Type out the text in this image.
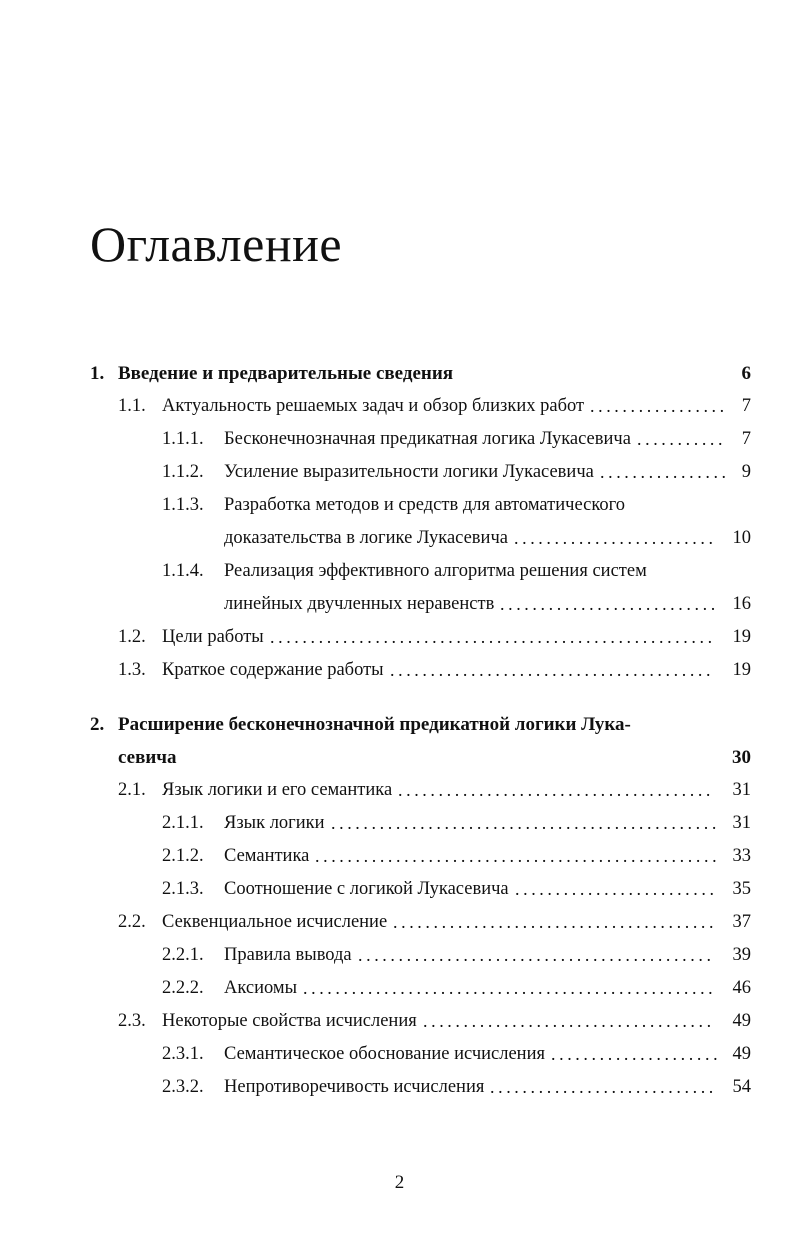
Оглавление
1. Введение и предварительные сведения	6
1.1. Актуальность решаемых задач и обзор близких работ	7
. . . . . . . . . . . . . . . . .
1.1.1. Бесконечнозначная предикатная логика Лукасевича	7
. . . . . . . . . . .
1.1.2. Усиление выразительности логики Лукасевича	9
. . . . . . . . . . . . . . . .
1.1.3. Разработка методов и средств для автоматического
доказательства в логике Лукасевича	10
. . . . . . . . . . . . . . . . . . . . . . . . .
1.1.4. Реализация эффективного алгоритма решения систем
линейных двучленных неравенств	16
. . . . . . . . . . . . . . . . . . . . . . . . . . .
1.2. Цели работы	19
. . . . . . . . . . . . . . . . . . . . . . . . . . . . . . . . . . . . . . . . . . . . . . . . . . . . . . .
1.3. Краткое содержание работы	19
. . . . . . . . . . . . . . . . . . . . . . . . . . . . . . . . . . . . . . . .
2. Расширение бесконечнозначной предикатной логики Лука-
севича	30
2.1. Язык логики и его семантика	31
. . . . . . . . . . . . . . . . . . . . . . . . . . . . . . . . . . . . . . .
2.1.1. Язык логики	31
. . . . . . . . . . . . . . . . . . . . . . . . . . . . . . . . . . . . . . . . . . . . . . . .
2.1.2. Семантика	33
. . . . . . . . . . . . . . . . . . . . . . . . . . . . . . . . . . . . . . . . . . . . . . . . . .
2.1.3. Соотношение с логикой Лукасевича	35
. . . . . . . . . . . . . . . . . . . . . . . . .
2.2. Секвенциальное исчисление	37
. . . . . . . . . . . . . . . . . . . . . . . . . . . . . . . . . . . . . . . .
2.2.1. Правила вывода	39
. . . . . . . . . . . . . . . . . . . . . . . . . . . . . . . . . . . . . . . . . . . .
2.2.2. Аксиомы	46
. . . . . . . . . . . . . . . . . . . . . . . . . . . . . . . . . . . . . . . . . . . . . . . . . . .
2.3. Некоторые свойства исчисления	49
. . . . . . . . . . . . . . . . . . . . . . . . . . . . . . . . . . . .
2.3.1. Семантическое обоснование исчисления	49
. . . . . . . . . . . . . . . . . . . . .
2.3.2. Непротиворечивость исчисления	54
. . . . . . . . . . . . . . . . . . . . . . . . . . . .
2
